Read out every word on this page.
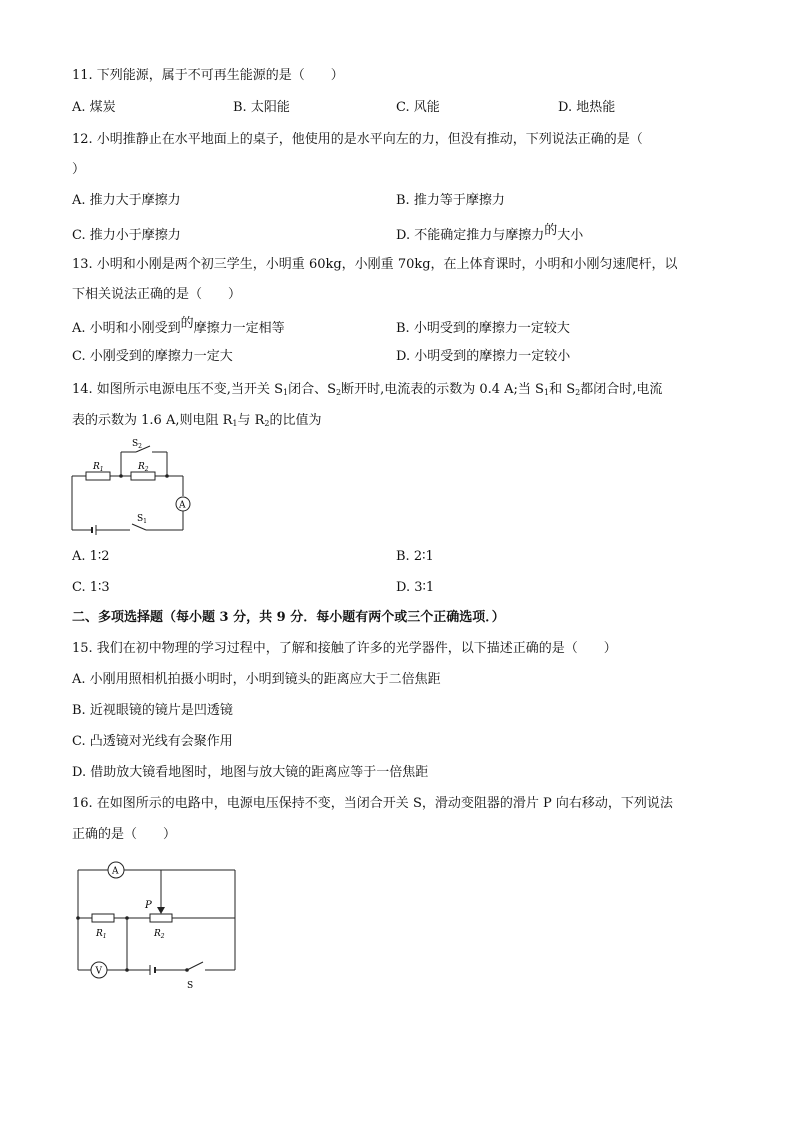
11. 下列能源，属于不可再生能源的是（　　）
A. 煤炭	B. 太阳能	C. 风能	D. 地热能
12. 小明推静止在水平地面上的桌子，他使用的是水平向左的力，但没有推动，下列说法正确的是（
）
A. 推力大于摩擦力	B. 推力等于摩擦力
C. 推力小于摩擦力	D. 不能确定推力与摩擦力的大小
13. 小明和小刚是两个初三学生，小明重 60kg，小刚重 70kg，在上体育课时，小明和小刚匀速爬杆，以
下相关说法正确的是（　　）
A. 小明和小刚受到的摩擦力一定相等	B. 小明受到的摩擦力一定较大
C. 小刚受到的摩擦力一定大	D. 小明受到的摩擦力一定较小
14. 如图所示电源电压不变,当开关 $S_1$闭合、$S_2$断开时,电流表的示数为 0.4 A;当 $S_1$和 $S_2$都闭合时,电流
表的示数为 1.6 A,则电阻 $R_1$与 $R_2$的比值为
$S_2$
$R_1$	$R_2$
A
$S_1$
A. 1∶2	B. 2∶1
C. 1∶3	D. 3∶1
二、多项选择题（每小题 3 分，共 9 分．每小题有两个或三个正确选项．）
15. 我们在初中物理的学习过程中，了解和接触了许多的光学器件，以下描述正确的是（　　）
A. 小刚用照相机拍摄小明时，小明到镜头的距离应大于二倍焦距
B. 近视眼镜的镜片是凹透镜
C. 凸透镜对光线有会聚作用
D. 借助放大镜看地图时，地图与放大镜的距离应等于一倍焦距
16. 在如图所示的电路中，电源电压保持不变，当闭合开关 S，滑动变阻器的滑片 P 向右移动，下列说法
正确的是（　　）
A
P
$R_1$	$R_2$
V
S
